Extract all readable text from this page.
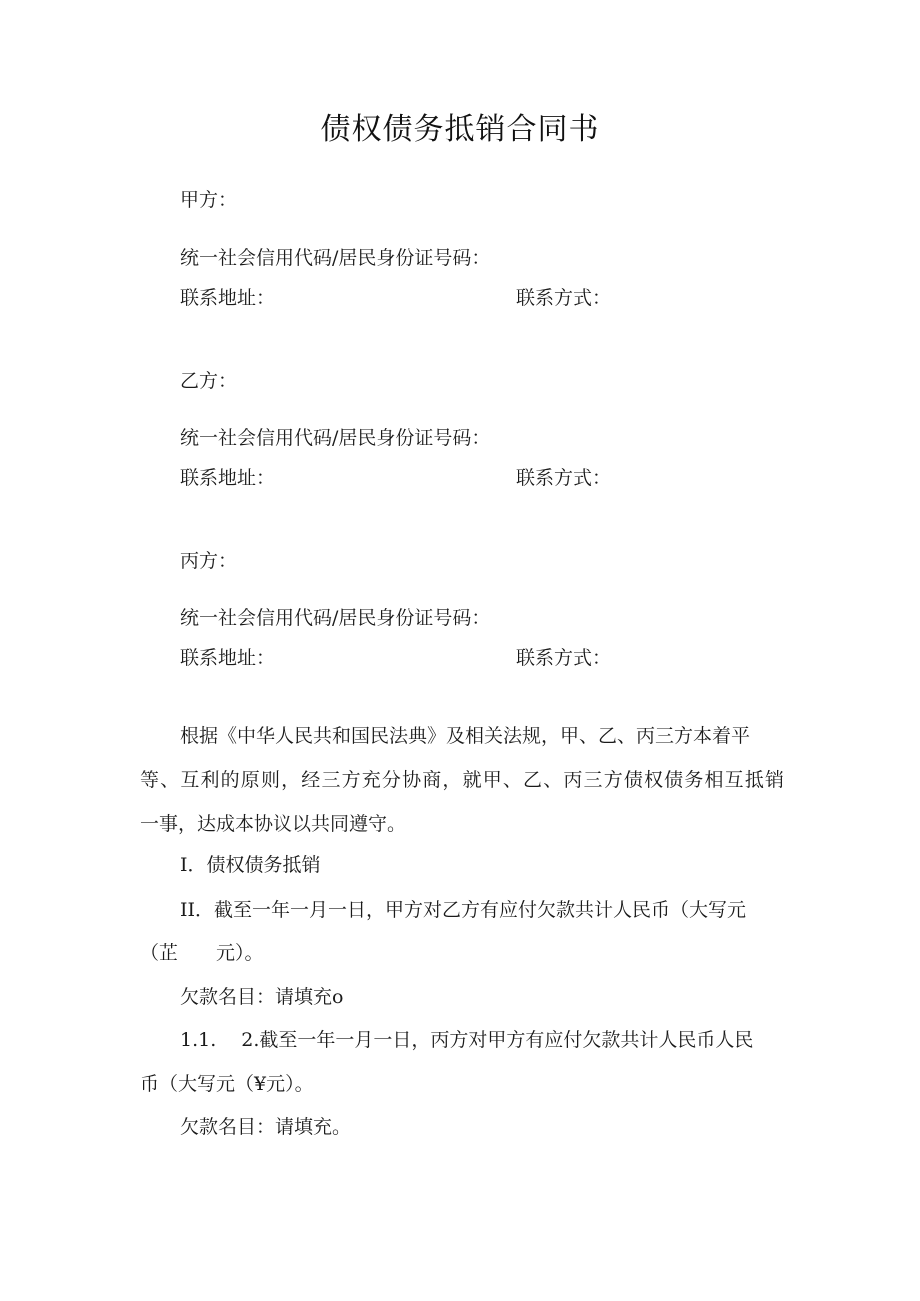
债权债务抵销合同书
甲方：
统一社会信用代码/居民身份证号码：
联系地址：	联系方式：
乙方：
统一社会信用代码/居民身份证号码：
联系地址：	联系方式：
丙方：
统一社会信用代码/居民身份证号码：
联系地址：	联系方式：
根据《中华人民共和国民法典》及相关法规，甲、乙、丙三方本着平
等、互利的原则，经三方充分协商，就甲、乙、丙三方债权债务相互抵销
一事，达成本协议以共同遵守。
I．债权债务抵销
II．截至一年一月一日，甲方对乙方有应付欠款共计人民币（大写元
（芷　　元）。
欠款名目：请填充o
1.1.　 2.截至一年一月一日，丙方对甲方有应付欠款共计人民币人民
币（大写元（¥元）。
欠款名目：请填充。
